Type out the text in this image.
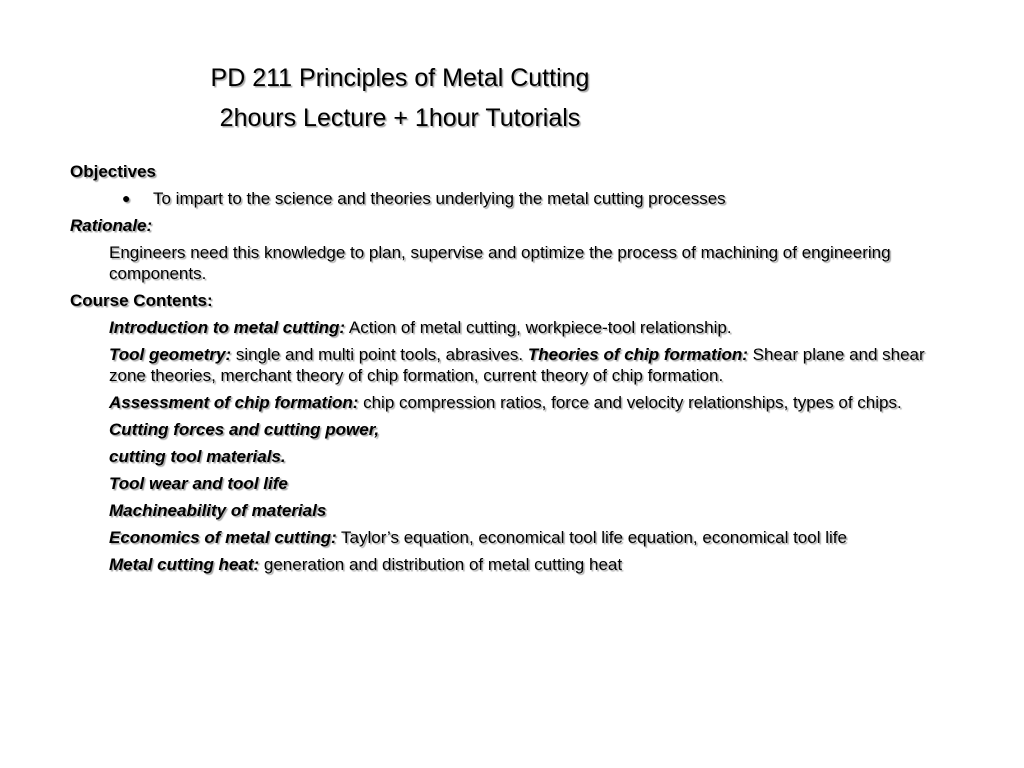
PD 211 Principles of Metal Cutting
2hours Lecture + 1hour Tutorials
Objectives
● To impart to the science and theories underlying the metal cutting processes
Rationale:
Engineers need this knowledge to plan, supervise and optimize the process of machining of engineering components.
Course Contents:
Introduction to metal cutting: Action of metal cutting, workpiece-tool relationship.
Tool geometry: single and multi point tools, abrasives. Theories of chip formation: Shear plane and shear zone theories, merchant theory of chip formation, current theory of chip formation.
Assessment of chip formation: chip compression ratios, force and velocity relationships, types of chips.
Cutting forces and cutting power,
cutting tool materials.
Tool wear and tool life
Machineability of materials
Economics of metal cutting: Taylor’s equation, economical tool life equation, economical tool life
Metal cutting heat: generation and distribution of metal cutting heat
